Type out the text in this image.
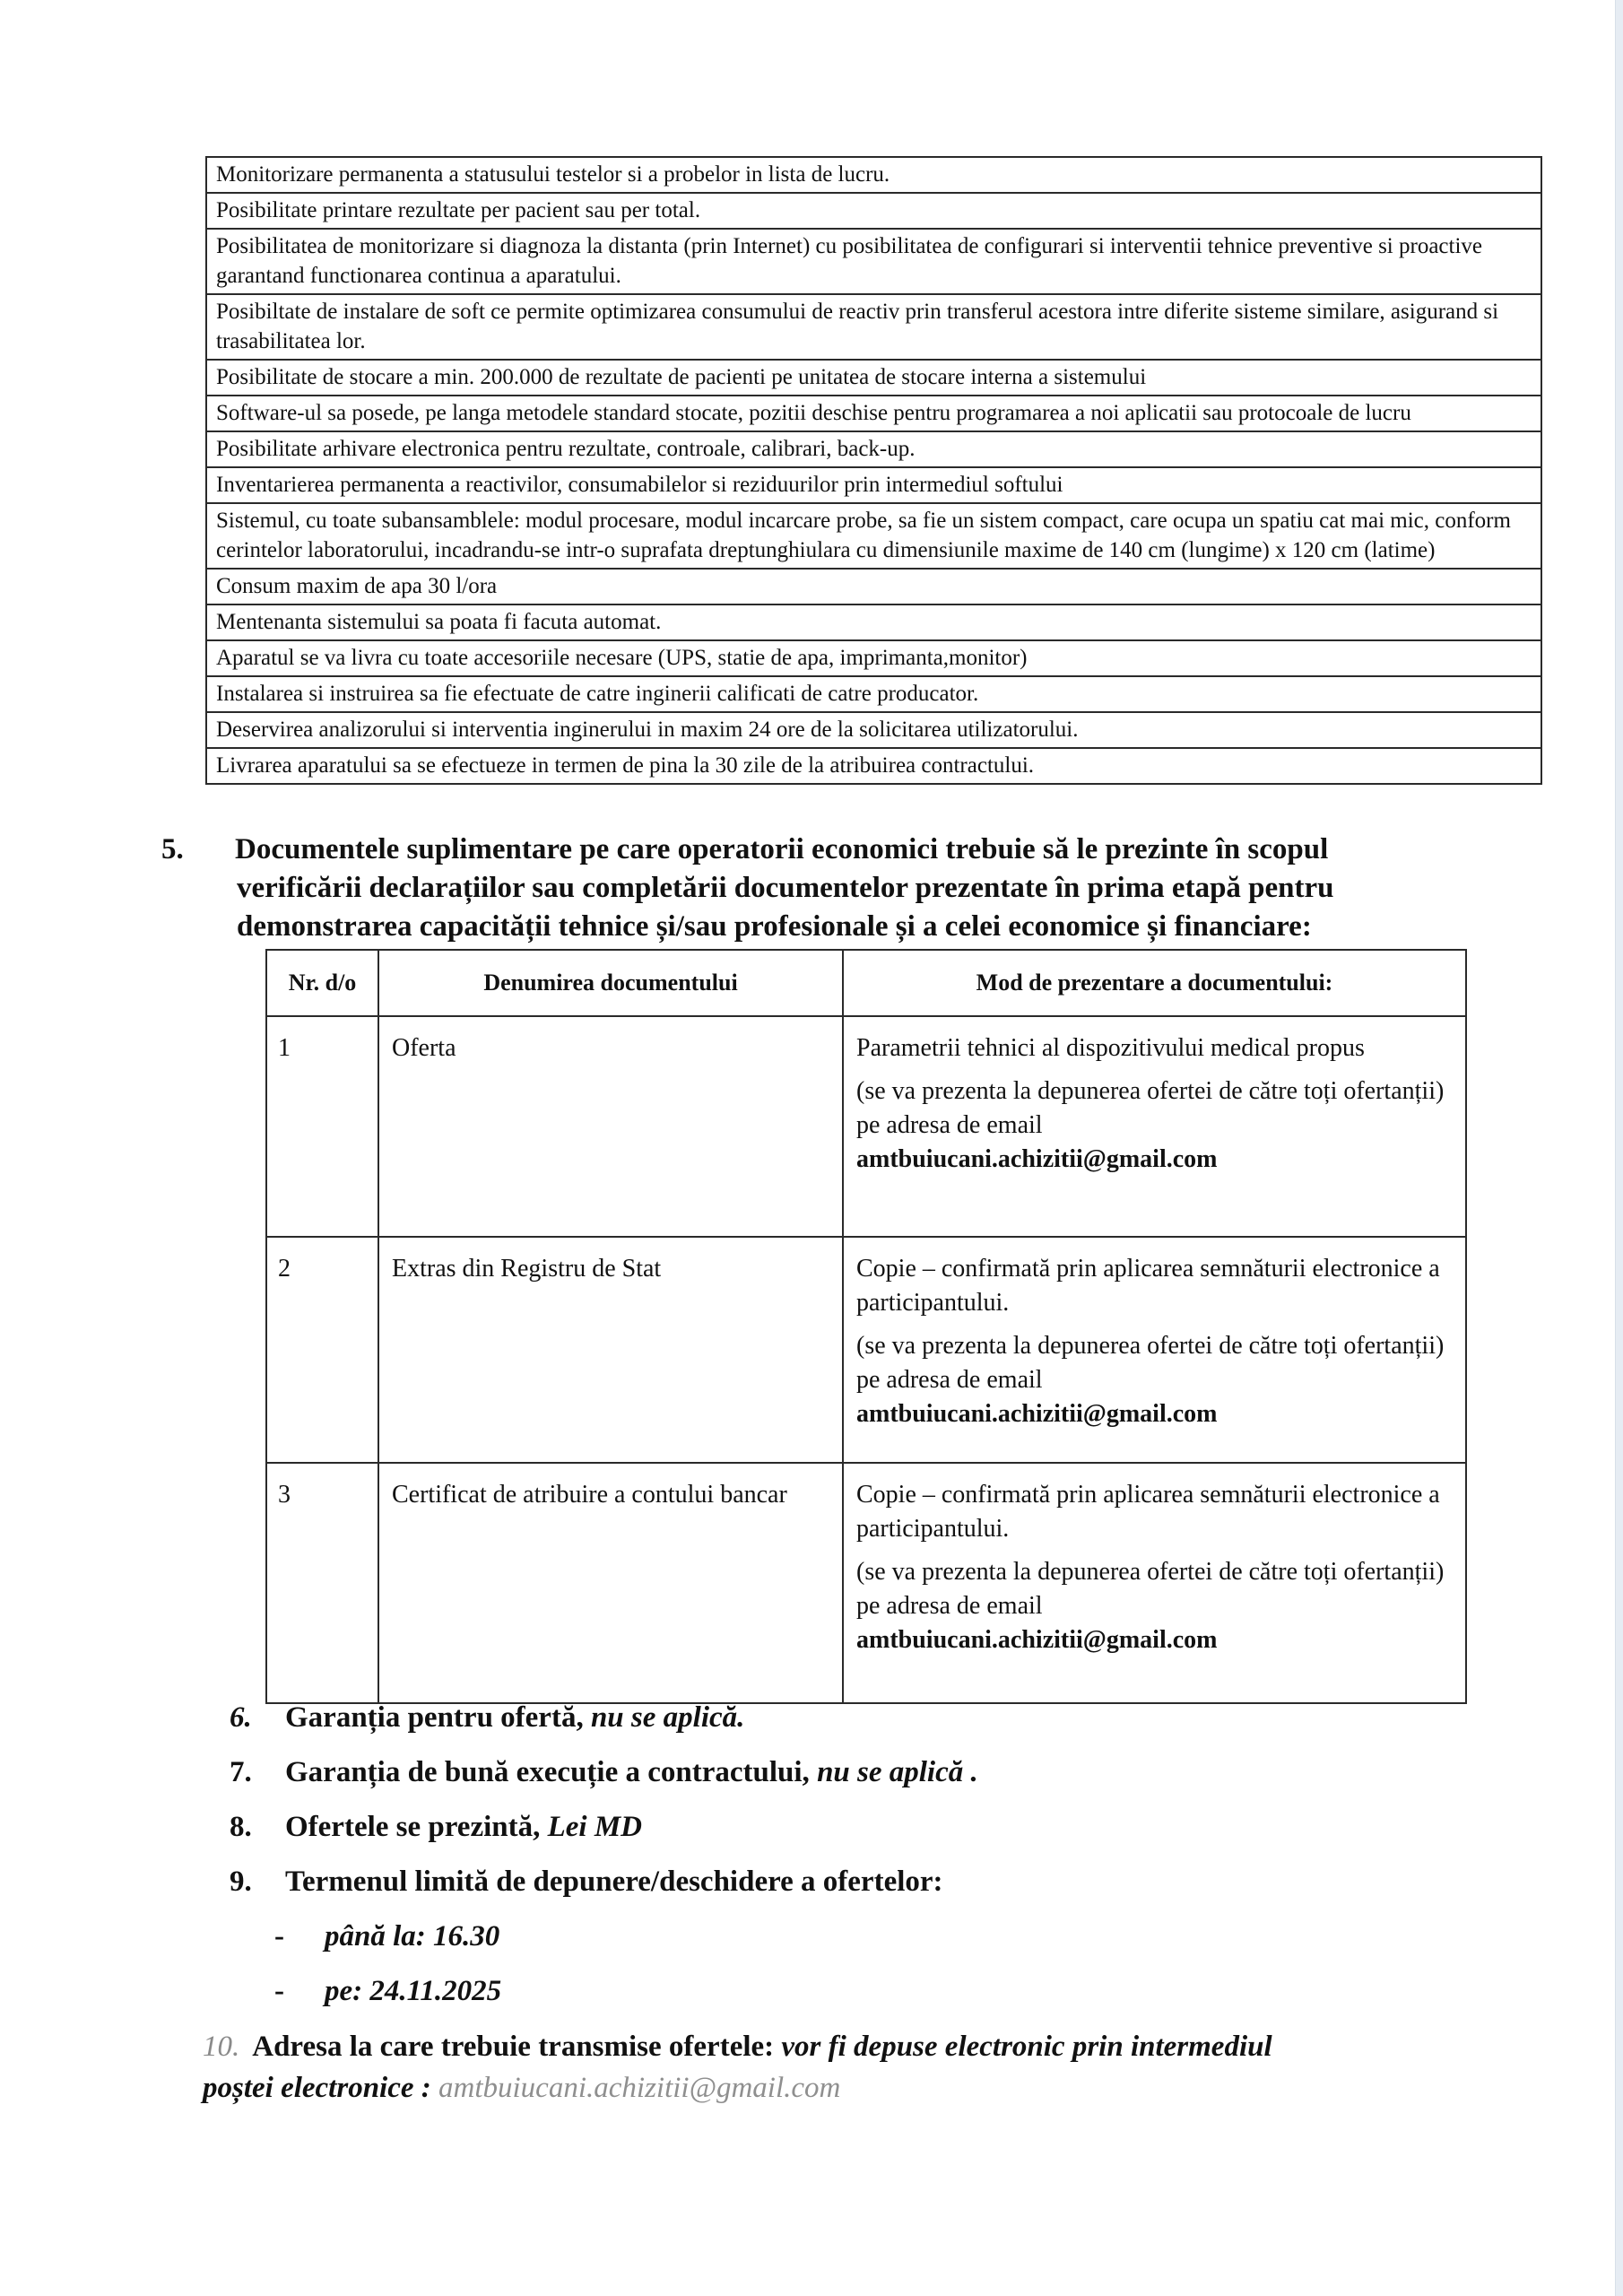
Monitorizare permanenta a statusului testelor si a probelor in lista de lucru.
Posibilitate printare rezultate per pacient sau per total.
Posibilitatea de monitorizare si diagnoza la distanta (prin Internet) cu posibilitatea de configurari si interventii tehnice preventive si proactive garantand functionarea continua a aparatului.
Posibiltate de instalare de soft ce permite optimizarea consumului de reactiv prin transferul acestora intre diferite sisteme similare, asigurand si trasabilitatea lor.
Posibilitate de stocare a min. 200.000 de rezultate de pacienti pe unitatea de stocare interna a sistemului
Software-ul sa posede, pe langa metodele standard stocate, pozitii deschise pentru programarea a noi aplicatii sau protocoale de lucru
Posibilitate arhivare electronica pentru rezultate, controale, calibrari, back-up.
Inventarierea permanenta a reactivilor, consumabilelor si reziduurilor prin intermediul softului
Sistemul, cu toate subansamblele: modul procesare, modul incarcare probe, sa fie un sistem compact, care ocupa un spatiu cat mai mic, conform cerintelor laboratorului, incadrandu-se intr-o suprafata dreptunghiulara cu dimensiunile maxime de 140 cm (lungime) x 120 cm (latime)
Consum maxim de apa 30 l/ora
Mentenanta sistemului sa poata fi facuta automat.
Aparatul se va livra cu toate accesoriile necesare (UPS, statie de apa, imprimanta,monitor)
Instalarea si instruirea sa fie efectuate de catre inginerii calificati de catre producator.
Deservirea analizorului si interventia inginerului in maxim 24 ore de la solicitarea utilizatorului.
Livrarea aparatului sa se efectueze in termen de pina la 30 zile de la atribuirea contractului.
5. Documentele suplimentare pe care operatorii economici trebuie să le prezinte în scopul
verificării declarațiilor sau completării documentelor prezentate în prima etapă pentru
demonstrarea capacității tehnice și/sau profesionale și a celei economice și financiare:
Nr. d/o	Denumirea documentului	Mod de prezentare a documentului:
1	Oferta	Parametrii tehnici al dispozitivului medical propus

(se va prezenta la depunerea ofertei de către toți ofertanții) pe adresa de email
amtbuiucani.achizitii@gmail.com

2	Extras din Registru de Stat	Copie – confirmată prin aplicarea semnăturii electronice a participantului.

(se va prezenta la depunerea ofertei de către toți ofertanții) pe adresa de email
amtbuiucani.achizitii@gmail.com

3	Certificat de atribuire a contului bancar	Copie – confirmată prin aplicarea semnăturii electronice a participantului.

(se va prezenta la depunerea ofertei de către toți ofertanții) pe adresa de email
amtbuiucani.achizitii@gmail.com

6. Garanția pentru ofertă, nu se aplică.
7. Garanția de bună execuție a contractului, nu se aplică .
8. Ofertele se prezintă, Lei MD
9. Termenul limită de depunere/deschidere a ofertelor:
- până la: 16.30
- pe: 24.11.2025
10. Adresa la care trebuie transmise ofertele: vor fi depuse electronic prin intermediul
poștei electronice : amtbuiucani.achizitii@gmail.com
